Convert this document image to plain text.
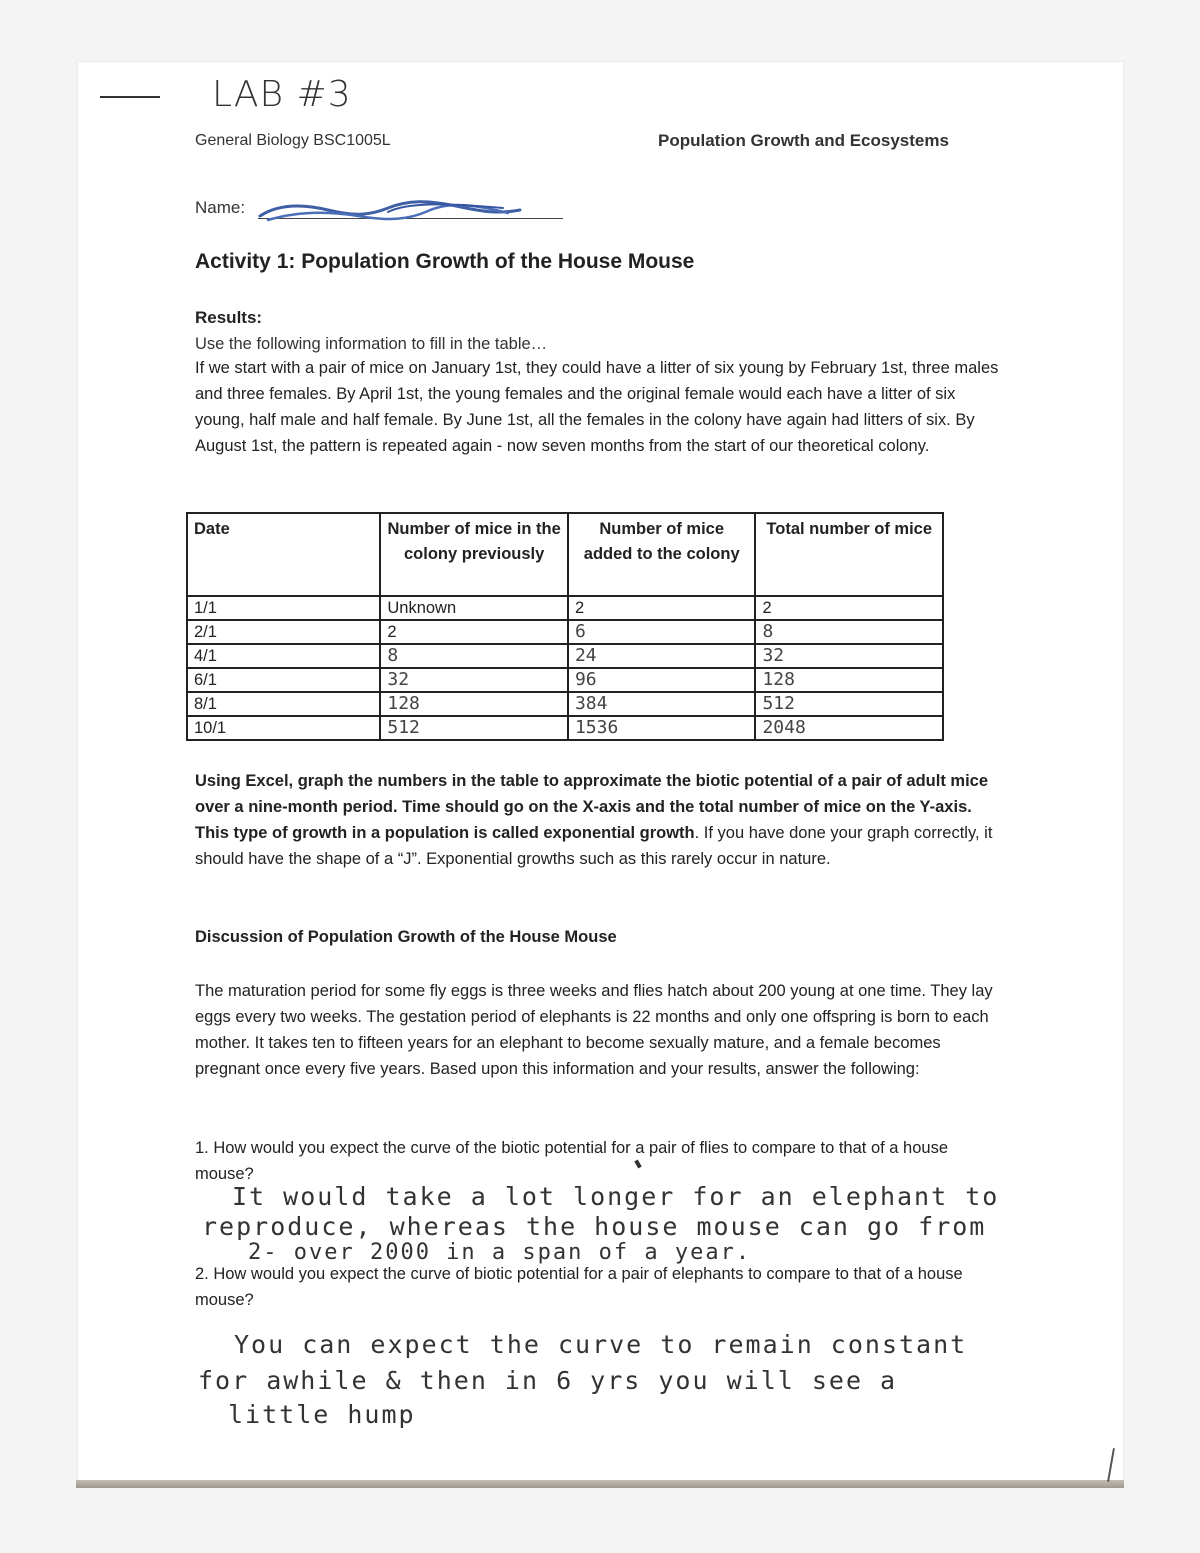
LAB #3
General Biology BSC1005L	Population Growth and Ecosystems
Name:
Activity 1: Population Growth of the House Mouse
Results:
Use the following information to fill in the table…
If we start with a pair of mice on January 1st, they could have a litter of six young by February 1st, three males and three females. By April 1st, the young females and the original female would each have a litter of six young, half male and half female. By June 1st, all the females in the colony have again had litters of six. By August 1st, the pattern is repeated again - now seven months from the start of our theoretical colony.
Date	Number of mice in the colony previously	Number of mice added to the colony	Total number of mice
1/1	Unknown	2	2
2/1	2	6	8
4/1	8	24	32
6/1	32	96	128
8/1	128	384	512
10/1	512	1536	2048
Using Excel, graph the numbers in the table to approximate the biotic potential of a pair of adult mice over a nine-month period. Time should go on the X-axis and the total number of mice on the Y-axis. This type of growth in a population is called exponential growth. If you have done your graph correctly, it should have the shape of a “J”. Exponential growths such as this rarely occur in nature.
Discussion of Population Growth of the House Mouse
The maturation period for some fly eggs is three weeks and flies hatch about 200 young at one time. They lay eggs every two weeks. The gestation period of elephants is 22 months and only one offspring is born to each mother. It takes ten to fifteen years for an elephant to become sexually mature, and a female becomes pregnant once every five years. Based upon this information and your results, answer the following:
1. How would you expect the curve of the biotic potential for a pair of flies to compare to that of a house mouse?
It would take a lot longer for an elephant to
reproduce, whereas the house mouse can go from
2- over 2000 in a span of a year.
2. How would you expect the curve of biotic potential for a pair of elephants to compare to that of a house mouse?
You can expect the curve to remain constant
for awhile & then in 6 yrs you will see a
little hump
